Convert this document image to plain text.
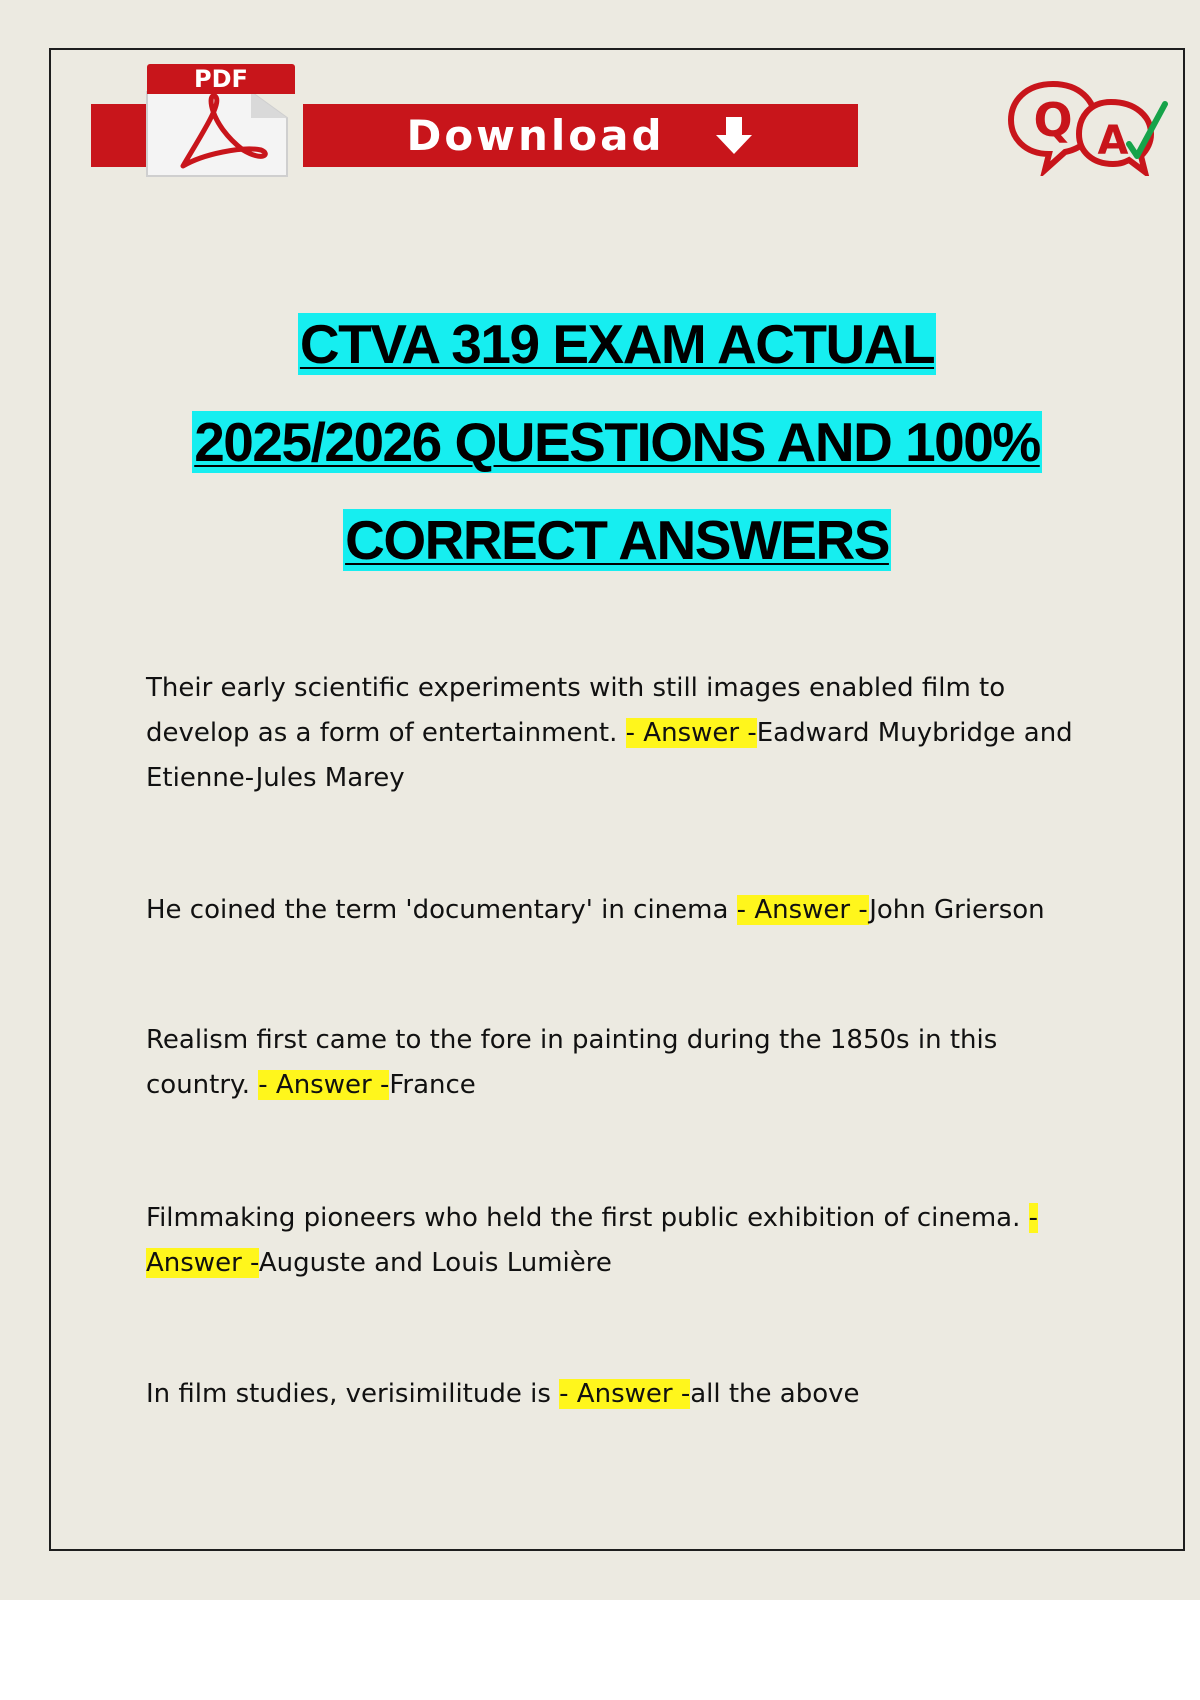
Download
PDF
Q A
CTVA 319 EXAM ACTUAL
2025/2026 QUESTIONS AND 100%
CORRECT ANSWERS

Their early scientific experiments with still images enabled film to develop as a form of entertainment. - Answer -Eadward Muybridge and Etienne-Jules Marey

He coined the term 'documentary' in cinema - Answer -John Grierson

Realism first came to the fore in painting during the 1850s in this country. - Answer -France

Filmmaking pioneers who held the first public exhibition of cinema. - Answer -Auguste and Louis Lumière

In film studies, verisimilitude is - Answer -all the above
